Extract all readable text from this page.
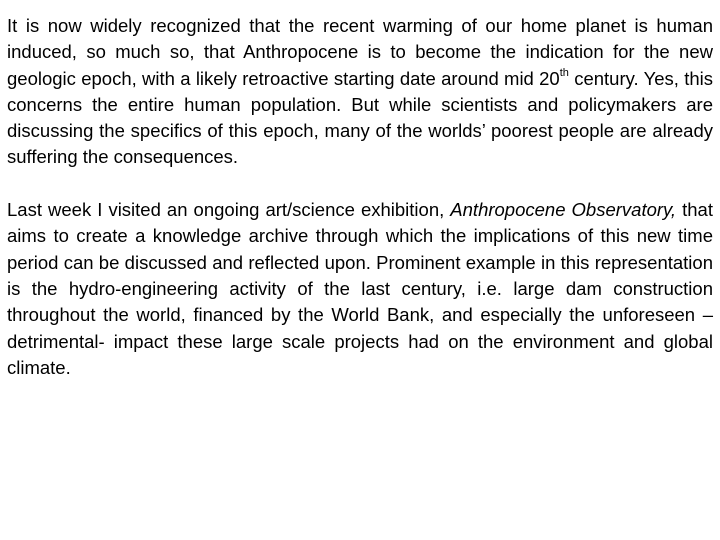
It is now widely recognized that the recent warming of our home planet is human induced, so much so, that Anthropocene is to become the indication for the new geologic epoch, with a likely retroactive starting date around mid 20th century. Yes, this concerns the entire human population. But while scientists and policymakers are discussing the specifics of this epoch, many of the worlds’ poorest people are already suffering the consequences.

Last week I visited an ongoing art/science exhibition, Anthropocene Observatory, that aims to create a knowledge archive through which the implications of this new time period can be discussed and reflected upon. Prominent example in this representation is the hydro-engineering activity of the last century, i.e. large dam construction throughout the world, financed by the World Bank, and especially the unforeseen –detrimental- impact these large scale projects had on the environment and global climate.
